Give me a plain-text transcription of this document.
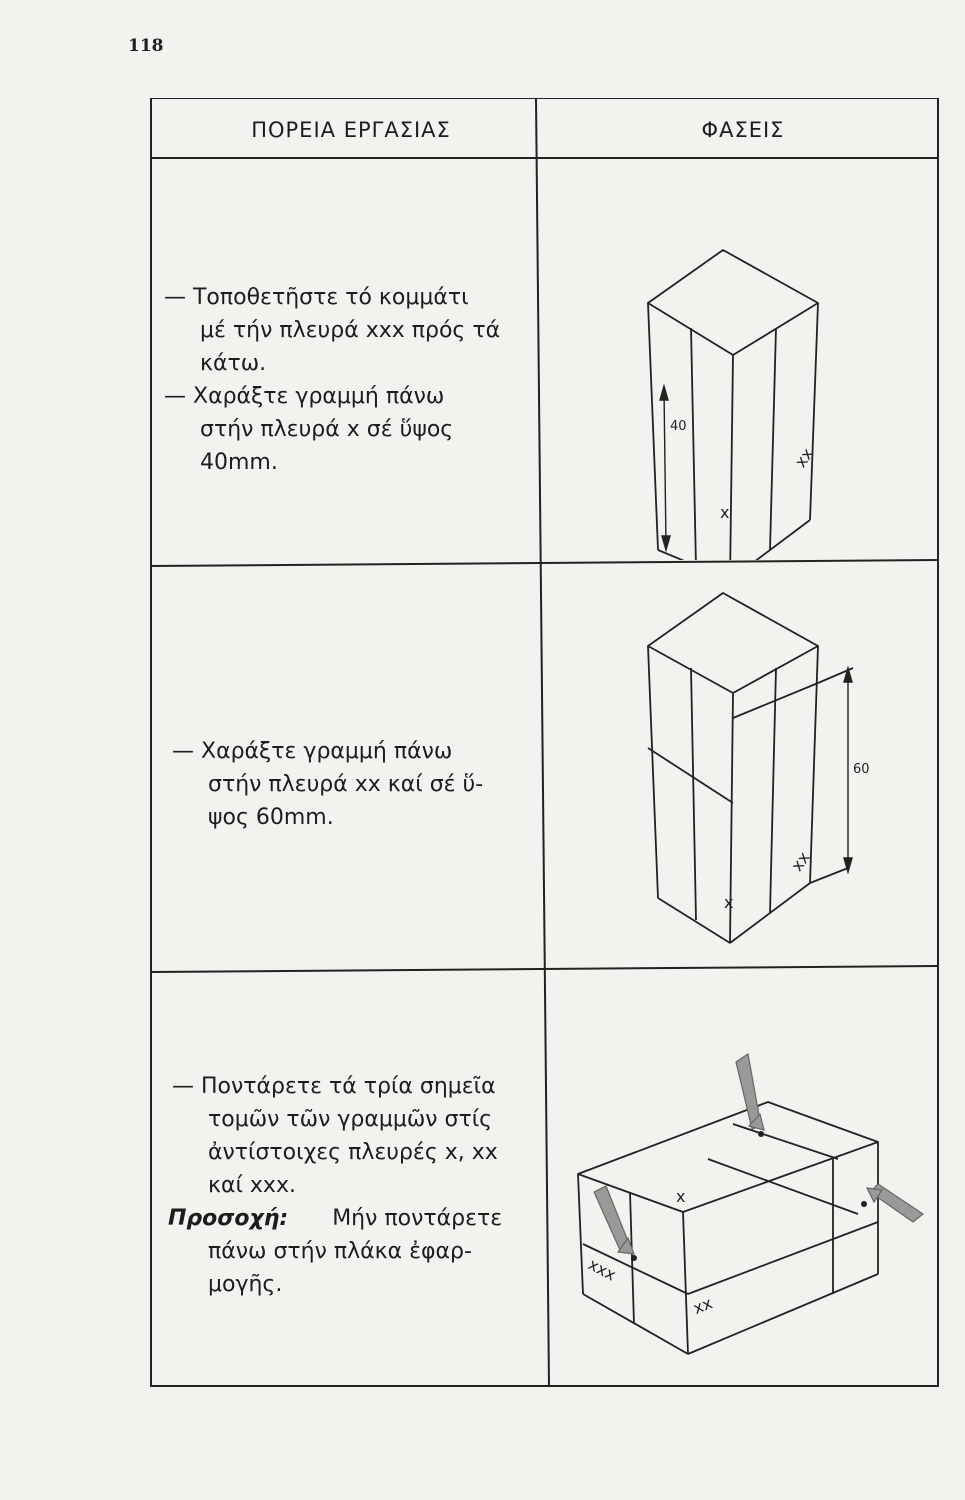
118
ΠΟΡΕΙΑ ΕΡΓΑΣΙΑΣ	ΦΑΣΕΙΣ
— Τοποθετῆστε τό κομμάτι
μέ τήν πλευρά xxx πρός τά
κάτω.
— Χαράξτε γραμμή πάνω
στήν πλευρά x σέ ὕψος
40mm.
— Χαράξτε γραμμή πάνω
στήν πλευρά xx καί σέ ὕ-
ψος 60mm.
— Ποντάρετε τά τρία σημεῖα
τομῶν τῶν γραμμῶν στίς
ἀντίστοιχες πλευρές x, xx
καί xxx.
Προσοχή: Μήν ποντάρετε
πάνω στήν πλάκα ἐφαρ-
μογῆς.
40
xx
x
60
xx
x
x
xxx
xx
